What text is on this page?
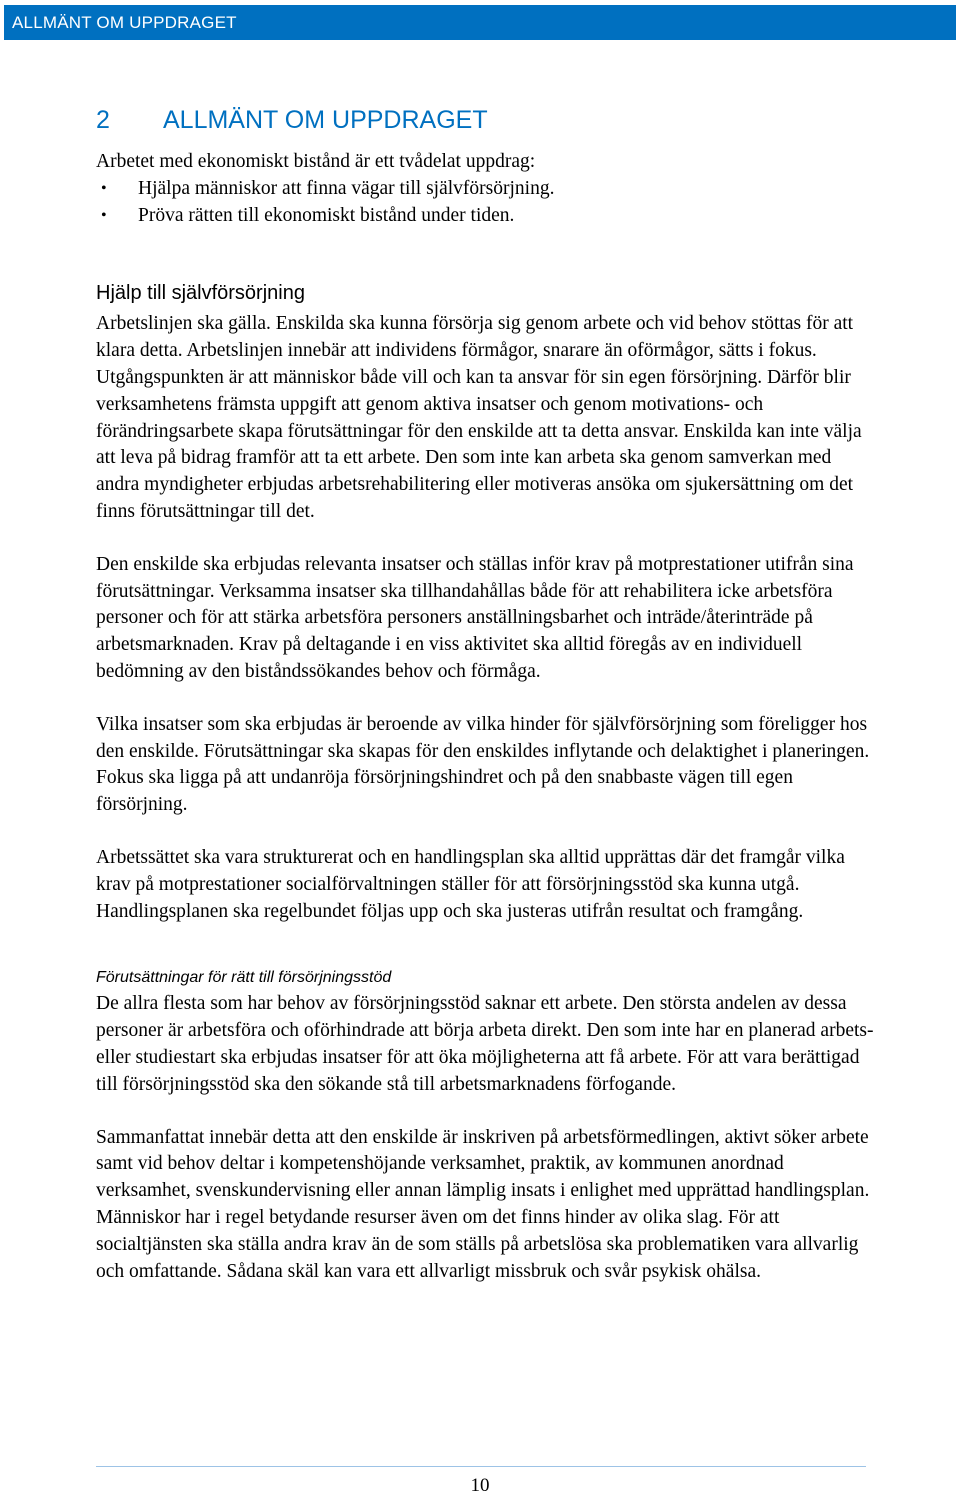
ALLMÄNT OM UPPDRAGET
2	ALLMÄNT OM UPPDRAGET

Arbetet med ekonomiskt bistånd är ett tvådelat uppdrag:

• Hjälpa människor att finna vägar till självförsörjning.
• Pröva rätten till ekonomiskt bistånd under tiden.
Hjälp till självförsörjning

Arbetslinjen ska gälla. Enskilda ska kunna försörja sig genom arbete och vid behov stöttas för att klara detta. Arbetslinjen innebär att individens förmågor, snarare än oförmågor, sätts i fokus. Utgångspunkten är att människor både vill och kan ta ansvar för sin egen försörjning. Därför blir verksamhetens främsta uppgift att genom aktiva insatser och genom motivations- och förändringsarbete skapa förutsättningar för den enskilde att ta detta ansvar. Enskilda kan inte välja att leva på bidrag framför att ta ett arbete. Den som inte kan arbeta ska genom samverkan med andra myndigheter erbjudas arbetsrehabilitering eller motiveras ansöka om sjukersättning om det finns förutsättningar till det.

Den enskilde ska erbjudas relevanta insatser och ställas inför krav på motprestationer utifrån sina förutsättningar. Verksamma insatser ska tillhandahållas både för att rehabilitera icke arbetsföra personer och för att stärka arbetsföra personers anställningsbarhet och inträde/återinträde på arbetsmarknaden. Krav på deltagande i en viss aktivitet ska alltid föregås av en individuell bedömning av den biståndssökandes behov och förmåga.

Vilka insatser som ska erbjudas är beroende av vilka hinder för självförsörjning som föreligger hos den enskilde. Förutsättningar ska skapas för den enskildes inflytande och delaktighet i planeringen. Fokus ska ligga på att undanröja försörjningshindret och på den snabbaste vägen till egen försörjning.

Arbetssättet ska vara strukturerat och en handlingsplan ska alltid upprättas där det framgår vilka krav på motprestationer socialförvaltningen ställer för att försörjningsstöd ska kunna utgå. Handlingsplanen ska regelbundet följas upp och ska justeras utifrån resultat och framgång.

Förutsättningar för rätt till försörjningsstöd

De allra flesta som har behov av försörjningsstöd saknar ett arbete. Den största andelen av dessa personer är arbetsföra och oförhindrade att börja arbeta direkt. Den som inte har en planerad arbets- eller studiestart ska erbjudas insatser för att öka möjligheterna att få arbete. För att vara berättigad till försörjningsstöd ska den sökande stå till arbetsmarknadens förfogande.

Sammanfattat innebär detta att den enskilde är inskriven på arbetsförmedlingen, aktivt söker arbete samt vid behov deltar i kompetenshöjande verksamhet, praktik, av kommunen anordnad verksamhet, svenskundervisning eller annan lämplig insats i enlighet med upprättad handlingsplan. Människor har i regel betydande resurser även om det finns hinder av olika slag. För att socialtjänsten ska ställa andra krav än de som ställs på arbetslösa ska problematiken vara allvarlig och omfattande. Sådana skäl kan vara ett allvarligt missbruk och svår psykisk ohälsa.

10
